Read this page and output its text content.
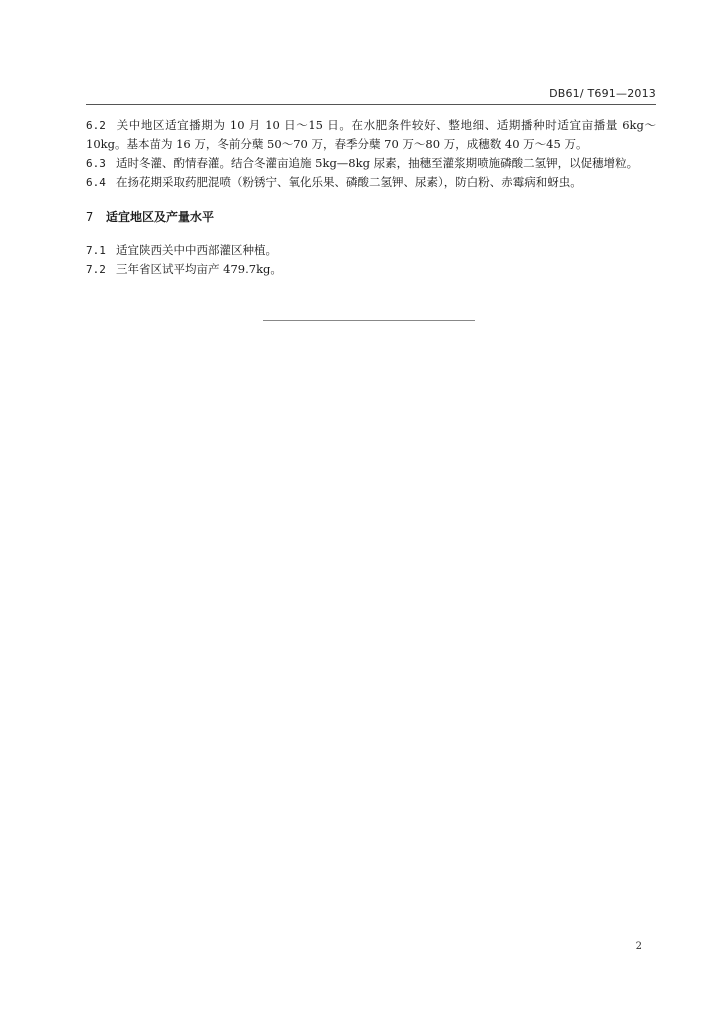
DB61/ T691—2013

6.2 关中地区适宜播期为 10 月 10 日～15 日。在水肥条件较好、整地细、适期播种时适宜亩播量 6kg～10kg。基本苗为 16 万，冬前分蘖 50～70 万，春季分蘖 70 万～80 万，成穗数 40 万～45 万。

6.3 适时冬灌、酌情春灌。结合冬灌亩追施 5kg—8kg 尿素，抽穗至灌浆期喷施磷酸二氢钾，以促穗增粒。

6.4 在扬花期采取药肥混喷（粉锈宁、氧化乐果、磷酸二氢钾、尿素），防白粉、赤霉病和蚜虫。

7 适宜地区及产量水平

7.1 适宜陕西关中中西部灌区种植。

7.2 三年省区试平均亩产 479.7kg。

2
